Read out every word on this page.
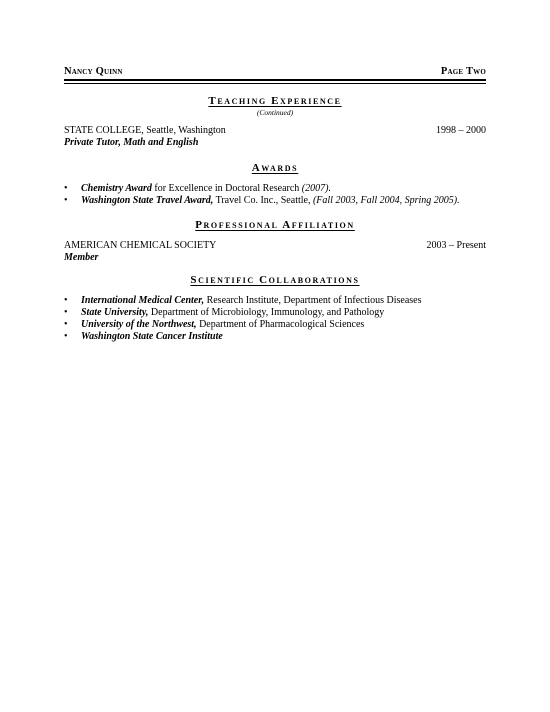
Nancy Quinn	Page Two
Teaching Experience
(Continued)
STATE COLLEGE, Seattle, Washington	1998 – 2000
Private Tutor, Math and English
Awards
• Chemistry Award for Excellence in Doctoral Research (2007).
• Washington State Travel Award, Travel Co. Inc., Seattle, (Fall 2003, Fall 2004, Spring 2005).
Professional Affiliation
AMERICAN CHEMICAL SOCIETY	2003 – Present
Member
Scientific Collaborations
• International Medical Center, Research Institute, Department of Infectious Diseases
• State University, Department of Microbiology, Immunology, and Pathology
• University of the Northwest, Department of Pharmacological Sciences
• Washington State Cancer Institute
